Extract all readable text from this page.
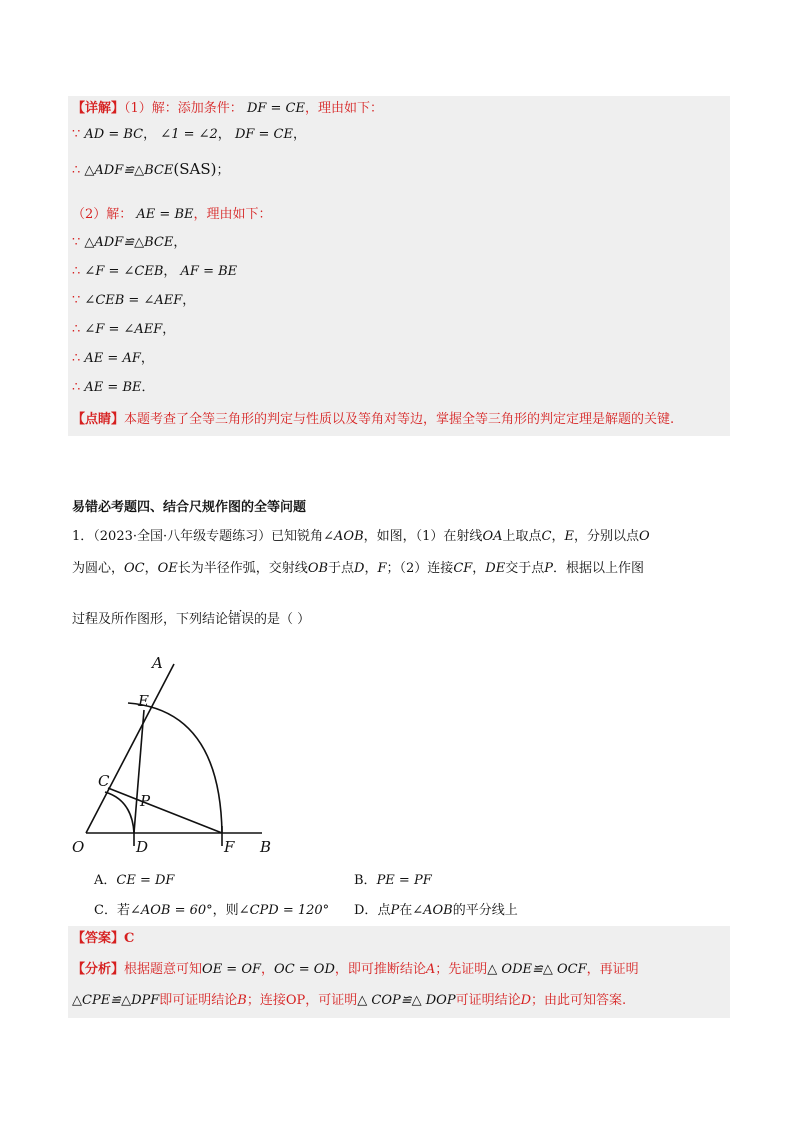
【详解】（1）解：添加条件： DF = CE，理由如下：
∵ AD = BC， ∠1 = ∠2， DF = CE，
∴ △ADF≌△BCE(SAS)；
（2）解： AE = BE，理由如下：
∵ △ADF≌△BCE，
∴ ∠F = ∠CEB， AF = BE
∵ ∠CEB = ∠AEF，
∴ ∠F = ∠AEF，
∴ AE = AF，
∴ AE = BE．
【点睛】本题考查了全等三角形的判定与性质以及等角对等边，掌握全等三角形的判定定理是解题的关键.
易错必考题四、结合尺规作图的全等问题
1．（2023·全国·八年级专题练习）已知锐角∠AOB，如图，（1）在射线OA上取点C，E，分别以点O
为圆心，OC，OE长为半径作弧，交射线OB于点D，F；（2）连接CF，DE交于点P．根据以上作图
过程及所作图形，下列结论· · 错误的是（ ）
A
E
C
P
O	D	F B
A．CE = DF	B．PE = PF
C．若∠AOB = 60°，则∠CPD = 120° D．点P在∠AOB的平分线上
【答案】C
【分析】根据题意可知OE = OF，OC = OD，即可推断结论A；先证明△ ODE≌△ OCF，再证明
△CPE≌△DPF即可证明结论B；连接OP，可证明△ COP≌△ DOP可证明结论D；由此可知答案.
